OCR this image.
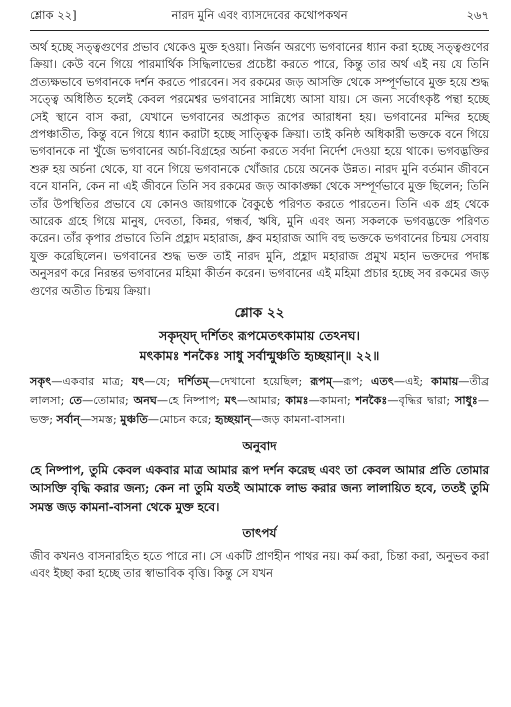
শ্লোক ২২]	নারদ মুনি এবং ব্যাসদেবের কথোপকথন	২৬৭

অর্থ হচ্ছে সত্ত্বগুণের প্রভাব থেকেও মুক্ত হওয়া। নির্জন অরণ্যে ভগবানের ধ্যান করা হচ্ছে সত্ত্বগুণের ক্রিয়া। কেউ বনে গিয়ে পারমার্থিক সিদ্ধিলাভের প্রচেষ্টা করতে পারে, কিন্তু তার অর্থ এই নয় যে তিনি প্রত্যক্ষভাবে ভগবানকে দর্শন করতে পারবেন। সব রকমের জড় আসক্তি থেকে সম্পূর্ণভাবে মুক্ত হয়ে শুদ্ধ সত্ত্বে অধিষ্ঠিত হলেই কেবল পরমেশ্বর ভগবানের সান্নিধ্যে আসা যায়। সে জন্য সর্বোৎকৃষ্ট পন্থা হচ্ছে সেই স্থানে বাস করা, যেখানে ভগবানের অপ্রাকৃত রূপের আরাধনা হয়। ভগবানের মন্দির হচ্ছে প্রপঞ্চাতীত, কিন্তু বনে গিয়ে ধ্যান করাটা হচ্ছে সাত্ত্বিক ক্রিয়া। তাই কনিষ্ঠ অধিকারী ভক্তকে বনে গিয়ে ভগবানকে না খুঁজে ভগবানের অর্চা-বিগ্রহের অর্চনা করতে সর্বদা নির্দেশ দেওয়া হয়ে থাকে। ভগবদ্ভক্তির শুরু হয় অর্চনা থেকে, যা বনে গিয়ে ভগবানকে খোঁজার চেয়ে অনেক উন্নত। নারদ মুনি বর্তমান জীবনে বনে যাননি, কেন না এই জীবনে তিনি সব রকমের জড় আকাঙ্ক্ষা থেকে সম্পূর্ণভাবে মুক্ত ছিলেন; তিনি তাঁর উপস্থিতির প্রভাবে যে কোনও জায়গাকে বৈকুণ্ঠে পরিণত করতে পারতেন। তিনি এক গ্রহ থেকে আরেক গ্রহে গিয়ে মানুষ, দেবতা, কিন্নর, গন্ধর্ব, ঋষি, মুনি এবং অন্য সকলকে ভগবদ্ভক্তে পরিণত করেন। তাঁর কৃপার প্রভাবে তিনি প্রহ্লাদ মহারাজ, ধ্রুব মহারাজ আদি বহু ভক্তকে ভগবানের চিন্ময় সেবায় যুক্ত করেছিলেন। ভগবানের শুদ্ধ ভক্ত তাই নারদ মুনি, প্রহ্লাদ মহারাজ প্রমুখ মহান ভক্তদের পদাঙ্ক অনুসরণ করে নিরন্তর ভগবানের মহিমা কীর্তন করেন। ভগবানের এই মহিমা প্রচার হচ্ছে সব রকমের জড় গুণের অতীত চিন্ময় ক্রিয়া।

শ্লোক ২২
সকৃদ্‌যদ্‌ দর্শিতং রূপমেতৎকামায় তেঽনঘ।
মৎকামঃ শনকৈঃ সাধু সর্বান্মুঞ্চতি হৃচ্ছয়ান্‌॥ ২২॥
সকৃৎ—একবার মাত্র; যৎ—যে; দর্শিতম্‌—দেখানো হয়েছিল; রূপম্‌—রূপ; এতৎ—এই; কামায়—তীব্র লালসা; তে—তোমার; অনঘ—হে নিষ্পাপ; মৎ—আমার; কামঃ—কামনা; শনকৈঃ—বৃদ্ধির দ্বারা; সাধুঃ—ভক্ত; সর্বান্‌—সমস্ত; মুঞ্চতি—মোচন করে; হৃচ্ছয়ান্‌—জড় কামনা-বাসনা।
অনুবাদ
হে নিষ্পাপ, তুমি কেবল একবার মাত্র আমার রূপ দর্শন করেছ এবং তা কেবল আমার প্রতি তোমার আসক্তি বৃদ্ধি করার জন্য; কেন না তুমি যতই আমাকে লাভ করার জন্য লালায়িত হবে, ততই তুমি সমস্ত জড় কামনা-বাসনা থেকে মুক্ত হবে।
তাৎপর্য
জীব কখনও বাসনারহিত হতে পারে না। সে একটি প্রাণহীন পাথর নয়। কর্ম করা, চিন্তা করা, অনুভব করা এবং ইচ্ছা করা হচ্ছে তার স্বাভাবিক বৃত্তি। কিন্তু সে যখন
